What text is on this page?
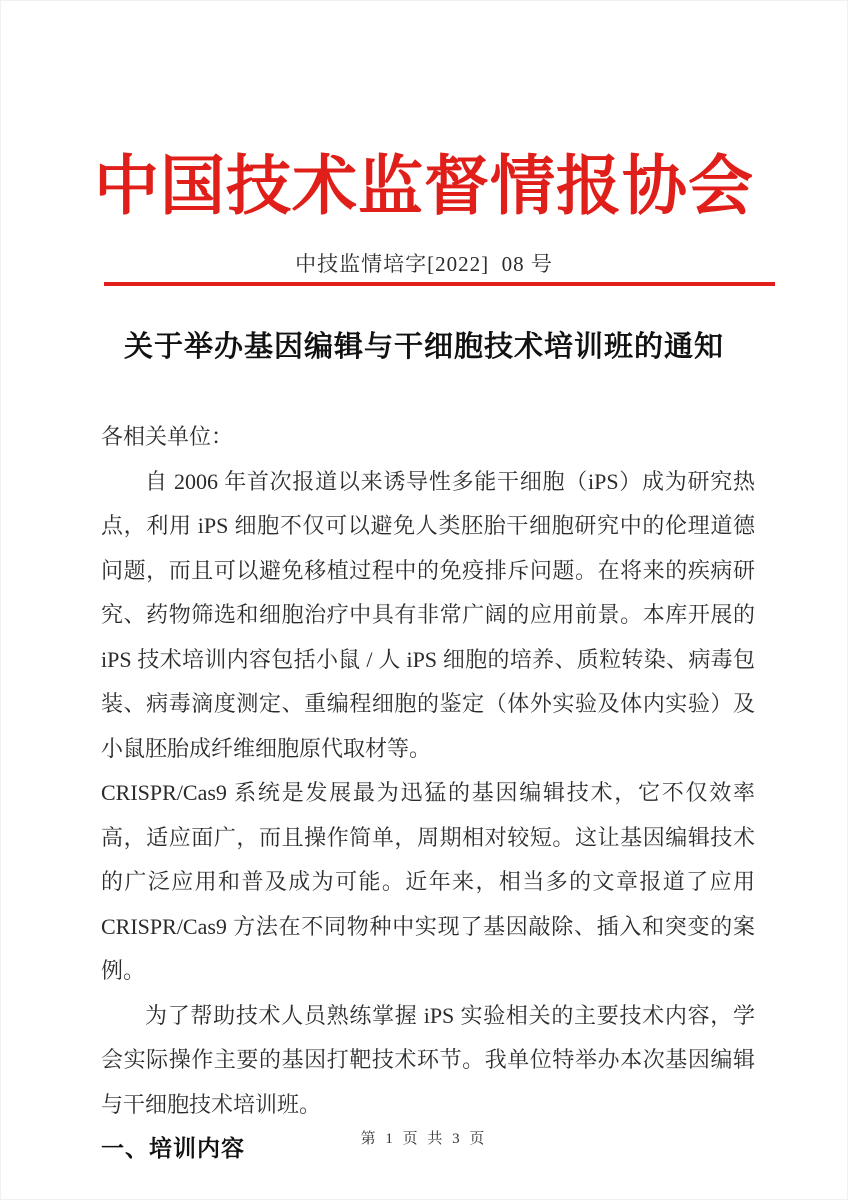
中国技术监督情报协会
中技监情培字[2022]  08 号
关于举办基因编辑与干细胞技术培训班的通知

各相关单位：

自 2006 年首次报道以来诱导性多能干细胞（iPS）成为研究热点，利用 iPS 细胞不仅可以避免人类胚胎干细胞研究中的伦理道德问题，而且可以避免移植过程中的免疫排斥问题。在将来的疾病研究、药物筛选和细胞治疗中具有非常广阔的应用前景。本库开展的 iPS 技术培训内容包括小鼠 / 人 iPS 细胞的培养、质粒转染、病毒包装、病毒滴度测定、重编程细胞的鉴定（体外实验及体内实验）及小鼠胚胎成纤维细胞原代取材等。

CRISPR/Cas9 系统是发展最为迅猛的基因编辑技术，它不仅效率高，适应面广，而且操作简单，周期相对较短。这让基因编辑技术的广泛应用和普及成为可能。近年来，相当多的文章报道了应用 CRISPR/Cas9 方法在不同物种中实现了基因敲除、插入和突变的案例。

为了帮助技术人员熟练掌握 iPS 实验相关的主要技术内容，学会实际操作主要的基因打靶技术环节。我单位特举办本次基因编辑与干细胞技术培训班。

一、培训内容	第 1 页 共 3 页
